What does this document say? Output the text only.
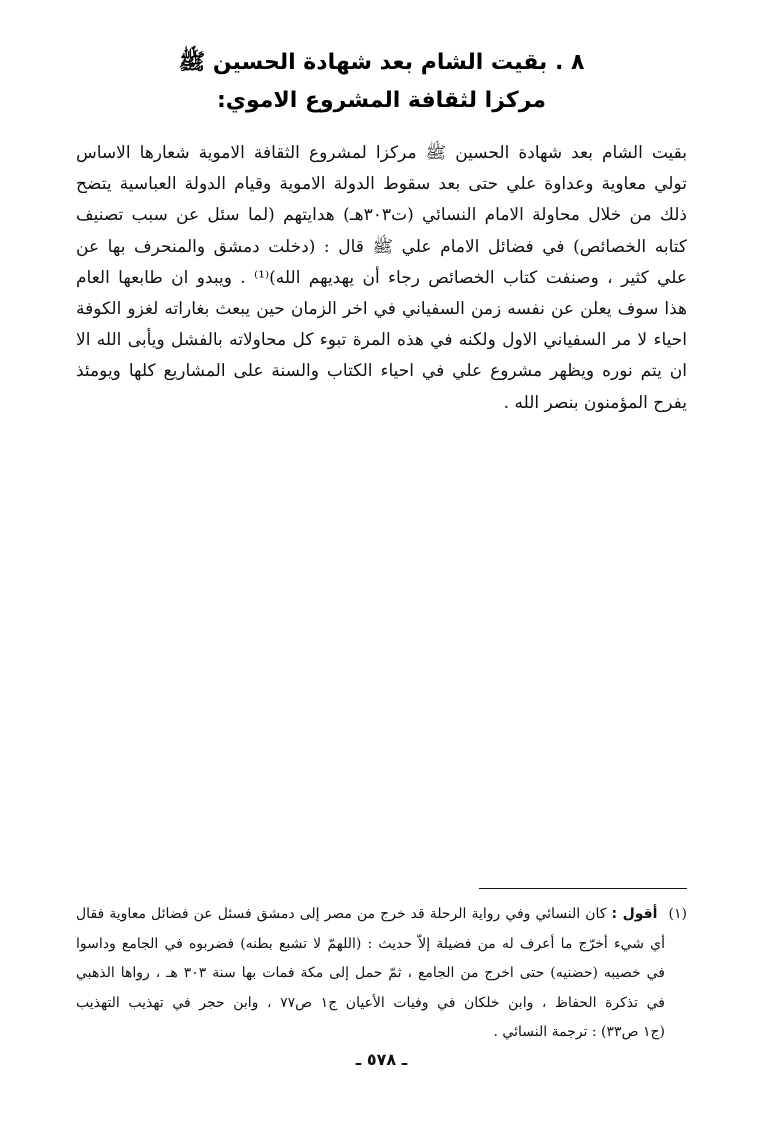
٨ . بقيت الشام بعد شهادة الحسين ﷺ
مركزا لثقافة المشروع الاموي:
بقيت الشام بعد شهادة الحسين ﷺ مركزا لمشروع الثقافة الاموية شعارها الاساس
تولي معاوية وعداوة علي حتى بعد سقوط الدولة الاموية وقيام الدولة العباسية يتضح
ذلك من خلال محاولة الامام النسائي (ت٣٠٣هـ) هدايتهم (لما سئل عن سبب تصنيف
كتابه الخصائص) في فضائل الامام علي ﷺ قال : (دخلت دمشق والمنحرف بها عن
علي كثير ، وصنفت كتاب الخصائص رجاء أن يهديهم الله)⁽¹⁾ . ويبدو ان طابعها العام
هذا سوف يعلن عن نفسه زمن السفياني في اخر الزمان حين يبعث بغاراته لغزو الكوفة
احياء لا مر السفياني الاول ولكنه في هذه المرة تبوء كل محاولاته بالفشل ويأبى الله الا
ان يتم نوره ويظهر مشروع علي في احياء الكتاب والسنة على المشاريع كلها ويومئذ
يفرح المؤمنون بنصر الله .
(١) أقول : كان النسائي وفي رواية الرحلة قد خرج من مصر إلى دمشق فسئل عن فضائل معاوية فقال
أي شيء أخرّج ما أعرف له من فضيلة إلاّ حديث : (اللهمّ لا تشبع بطنه) فضربوه في الجامع وداسوا
في خصيبه (حضنيه) حتى اخرج من الجامع ، ثمّ حمل إلى مكة فمات بها سنة ٣٠٣ هـ ، رواها الذهبي
في تذكرة الحفاظ ، وابن خلكان في وفيات الأعيان ج١ ص٧٧ ، وابن حجر في تهذيب التهذيب
(ج١ ص٣٣) : ترجمة النسائي .
ـ ٥٧٨ ـ
